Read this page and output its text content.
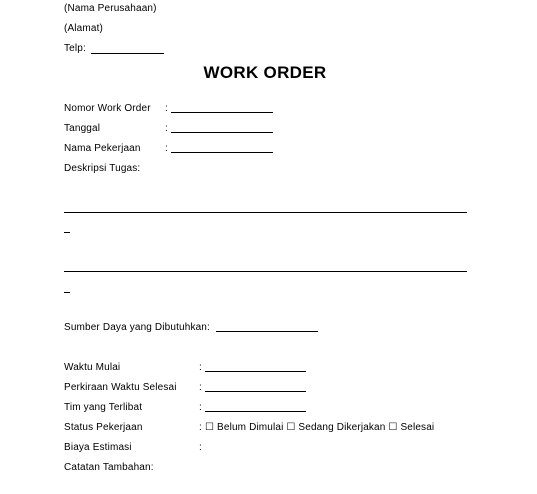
(Nama Perusahaan)
(Alamat)
Telp:
WORK ORDER
Nomor Work Order :
Tanggal	:
Nama Pekerjaan :
Deskripsi Tugas:
Sumber Daya yang Dibutuhkan:
Waktu Mulai	:
Perkiraan Waktu Selesai :
Tim yang Terlibat	:
Status Pekerjaan	: ☐ Belum Dimulai ☐ Sedang Dikerjakan ☐ Selesai
Biaya Estimasi	:
Catatan Tambahan:
